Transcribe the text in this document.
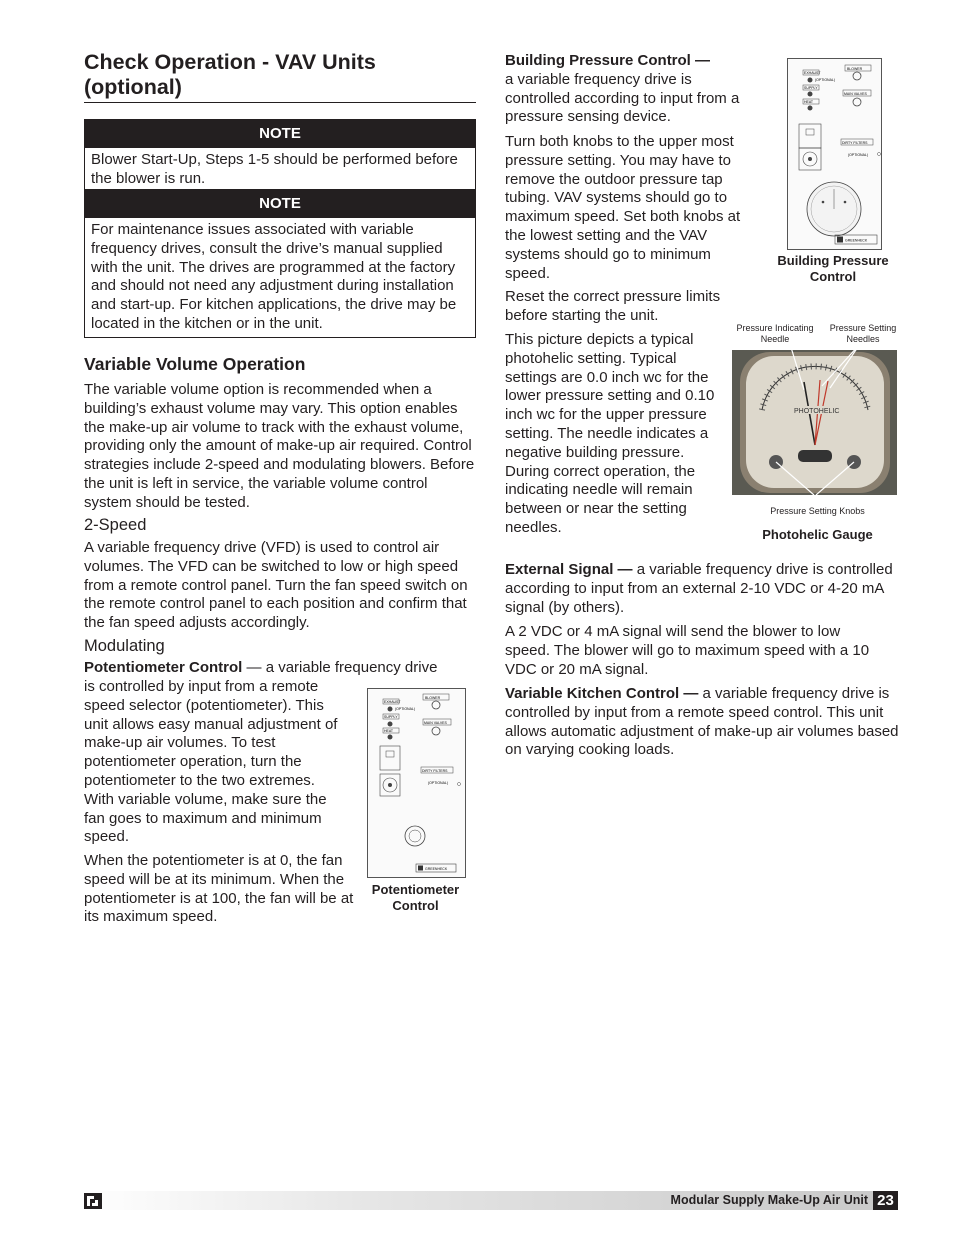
Check Operation - VAV Units (optional)
NOTE
Blower Start-Up, Steps 1-5 should be performed before the blower is run.
NOTE
For maintenance issues associated with variable frequency drives, consult the drive’s manual supplied with the unit. The drives are programmed at the factory and should not need any adjustment during installation and start-up. For kitchen applications, the drive may be located in the kitchen or in the unit.
Variable Volume Operation

The variable volume option is recommended when a building’s exhaust volume may vary. This option enables the make-up air volume to track with the exhaust volume, providing only the amount of make-up air required. Control strategies include 2-speed and modulating blowers. Before the unit is left in service, the variable volume control system should be tested.

2-Speed

A variable frequency drive (VFD) is used to control air volumes. The VFD can be switched to low or high speed from a remote control panel. Turn the fan speed switch on the remote control panel to each position and confirm that the fan speed adjusts accordingly.

Modulating

Potentiometer Control — a variable frequency drive

is controlled by input from a remote speed selector (potentiometer). This unit allows easy manual adjustment of make-up air volumes. To test potentiometer operation, turn the potentiometer to the two extremes. With variable volume, make sure the fan goes to maximum and minimum speed.

When the potentiometer is at 0, the fan speed will be at its minimum. When the potentiometer is at 100, the fan will be at its maximum speed.

EXHAUST
(OPTIONAL)
SUPPLY
HEAT
BLOWER
MAIN VALVES
DIRTY FILTERS
(OPTIONAL)
GREENHECK
Potentiometer Control

Building Pressure Control —
a variable frequency drive is controlled according to input from a pressure sensing device.

Turn both knobs to the upper most pressure setting. You may have to remove the outdoor pressure tap tubing. VAV systems should go to maximum speed. Set both knobs at the lowest setting and the VAV systems should go to minimum speed.

Reset the correct pressure limits before starting the unit.

This picture depicts a typical photohelic setting. Typical settings are 0.0 inch wc for the lower pressure setting and 0.10 inch wc for the upper pressure setting. The needle indicates a negative building pressure. During correct operation, the indicating needle will remain between or near the setting needles.

EXHAUST
(OPTIONAL)
SUPPLY
HEAT
BLOWER
MAIN VALVES
DIRTY FILTERS
(OPTIONAL)
GREENHECK
Building Pressure Control
Pressure Indicating Needle
Pressure Setting Needles
PHOTOHELIC
Pressure Setting Knobs
Photohelic Gauge

External Signal — a variable frequency drive is controlled according to input from an external 2-10 VDC or 4-20 mA signal (by others).

A 2 VDC or 4 mA signal will send the blower to low speed. The blower will go to maximum speed with a 10 VDC or 20 mA signal.

Variable Kitchen Control — a variable frequency drive is controlled by input from a remote speed control. This unit allows automatic adjustment of make-up air volumes based on varying cooking loads.

Modular Supply Make-Up Air Unit 23
